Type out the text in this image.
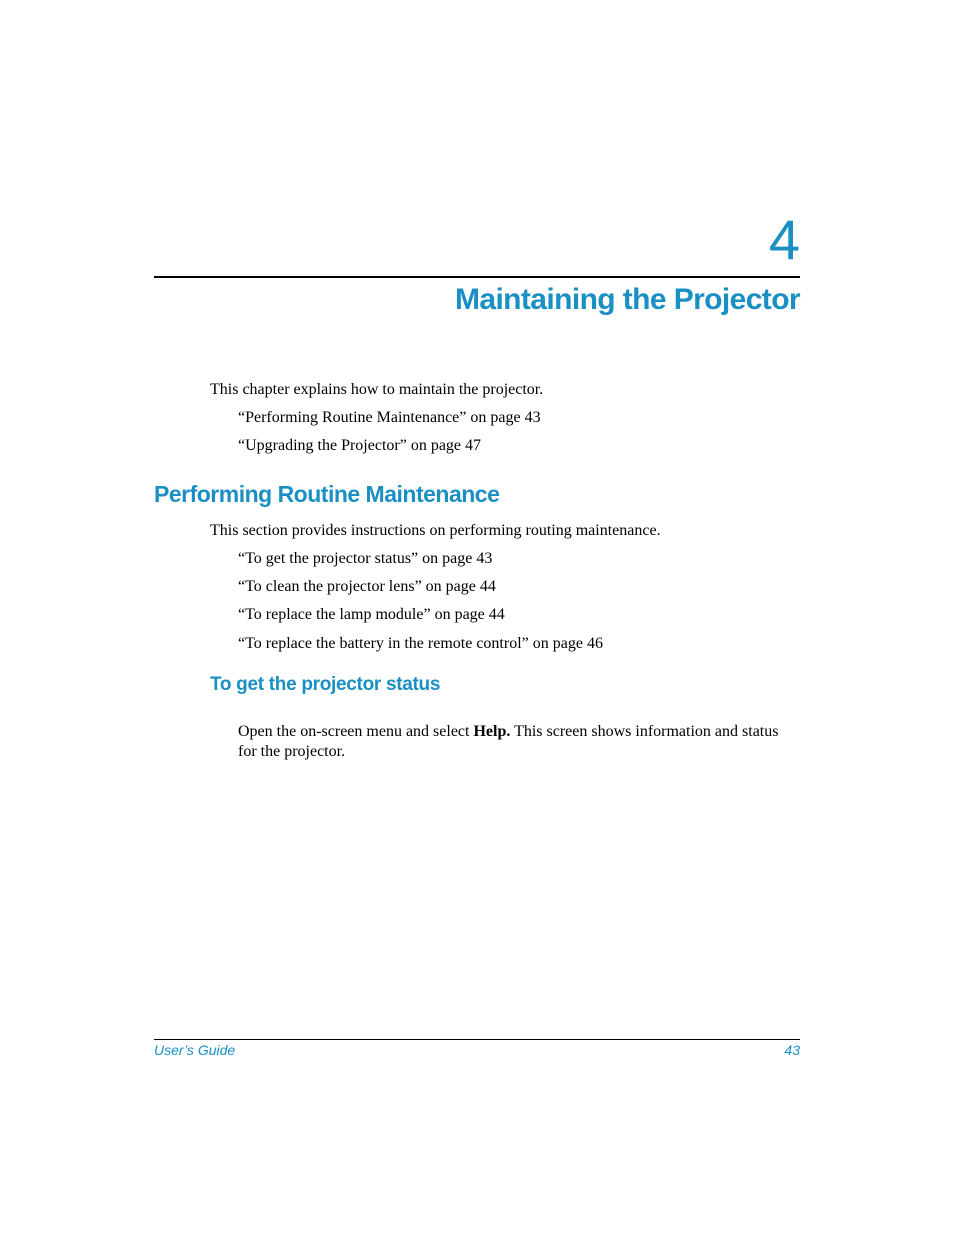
4
Maintaining the Projector

This chapter explains how to maintain the projector.

“Performing Routine Maintenance” on page 43
“Upgrading the Projector” on page 47
Performing Routine Maintenance

This section provides instructions on performing routing maintenance.

“To get the projector status” on page 43
“To clean the projector lens” on page 44
“To replace the lamp module” on page 44
“To replace the battery in the remote control” on page 46
To get the projector status

Open the on-screen menu and select Help. This screen shows information and status for the projector.

User’s Guide	43
